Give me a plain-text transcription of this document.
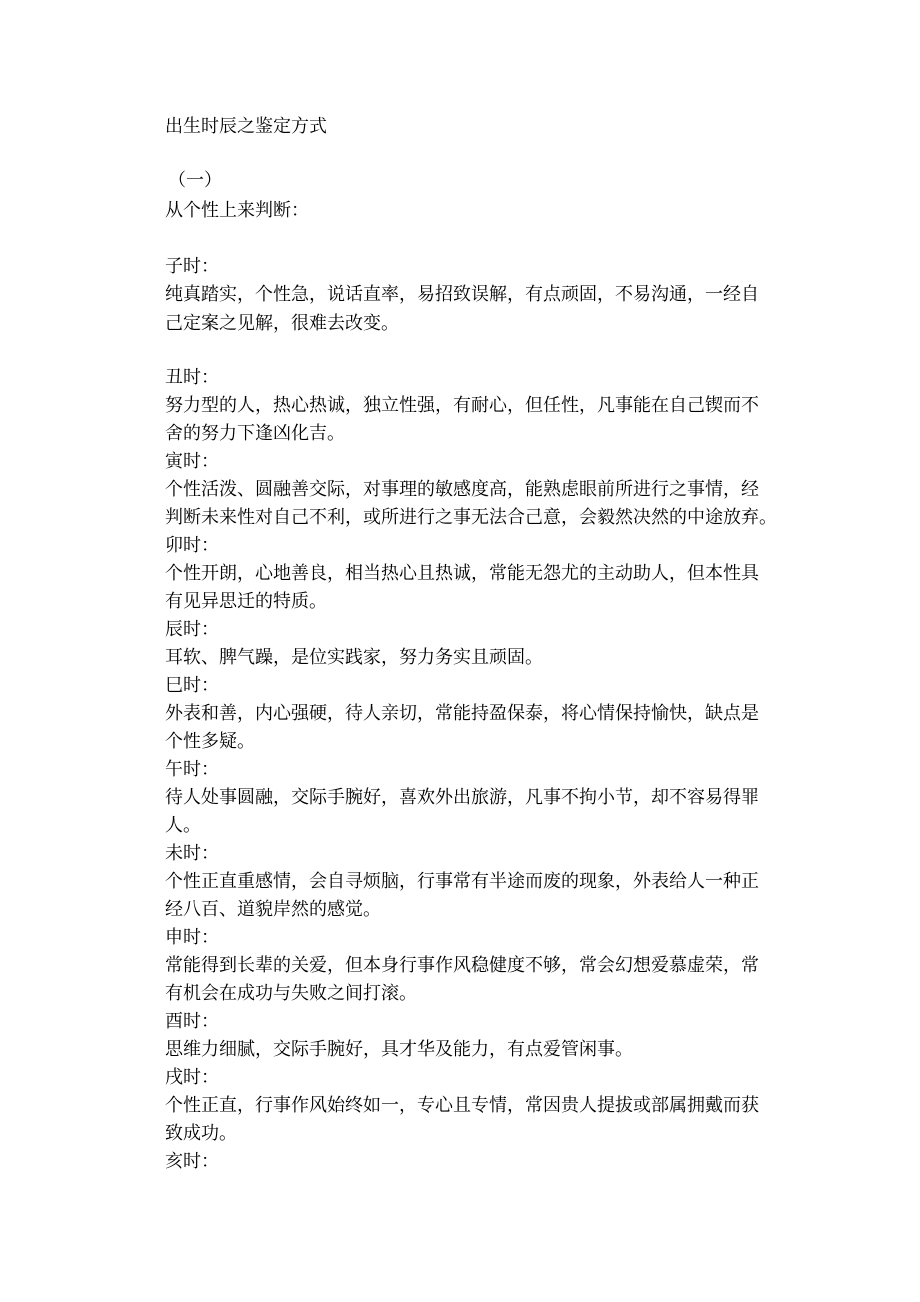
出生时辰之鉴定方式
（一）
从个性上来判断：
子时：
纯真踏实，个性急，说话直率，易招致误解，有点顽固，不易沟通，一经自
己定案之见解，很难去改变。
丑时：
努力型的人，热心热诚，独立性强，有耐心，但任性，凡事能在自己锲而不
舍的努力下逢凶化吉。
寅时：
个性活泼、圆融善交际，对事理的敏感度高，能熟虑眼前所进行之事情，经
判断未来性对自己不利，或所进行之事无法合己意，会毅然决然的中途放弃。
卯时：
个性开朗，心地善良，相当热心且热诚，常能无怨尤的主动助人，但本性具
有见异思迁的特质。
辰时：
耳软、脾气躁，是位实践家，努力务实且顽固。
巳时：
外表和善，内心强硬，待人亲切，常能持盈保泰，将心情保持愉快，缺点是
个性多疑。
午时：
待人处事圆融，交际手腕好，喜欢外出旅游，凡事不拘小节，却不容易得罪
人。
未时：
个性正直重感情，会自寻烦脑，行事常有半途而废的现象，外表给人一种正
经八百、道貌岸然的感觉。
申时：
常能得到长辈的关爱，但本身行事作风稳健度不够，常会幻想爱慕虚荣，常
有机会在成功与失败之间打滚。
酉时：
思维力细腻，交际手腕好，具才华及能力，有点爱管闲事。
戌时：
个性正直，行事作风始终如一，专心且专情，常因贵人提拔或部属拥戴而获
致成功。
亥时：
